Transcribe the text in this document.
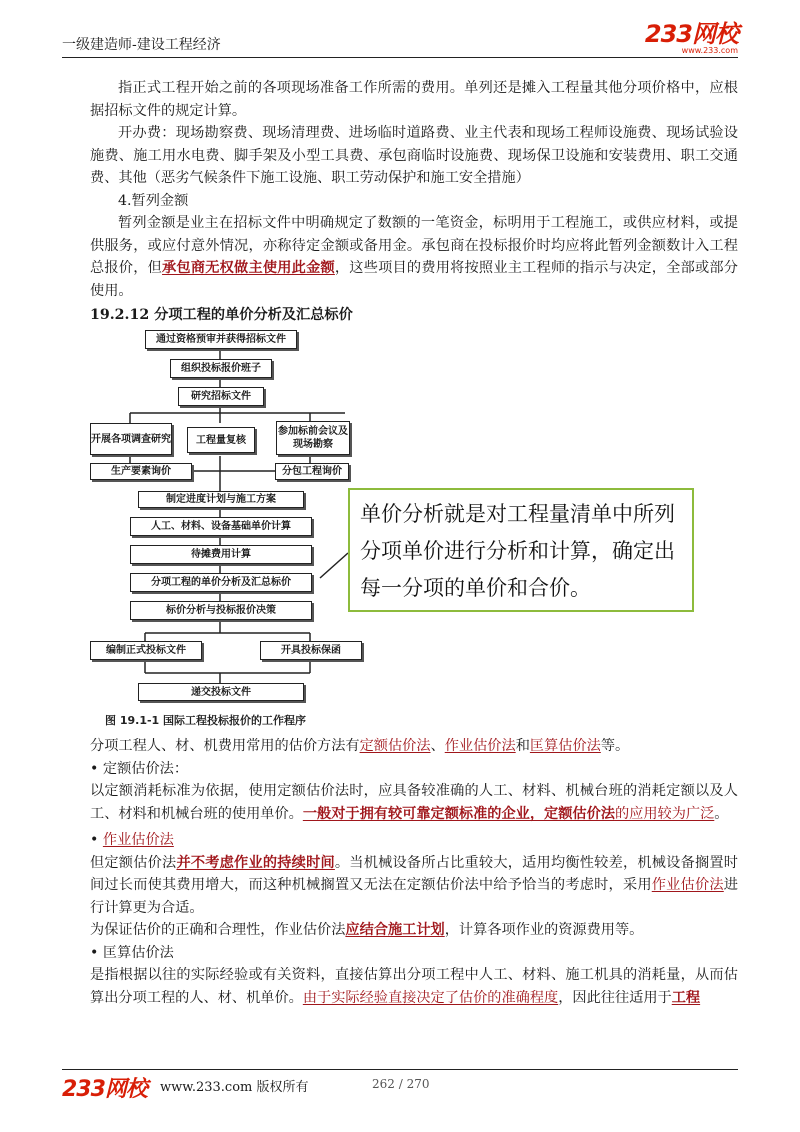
一级建造师-建设工程经济	233网校
www.233.com

指正式工程开始之前的各项现场准备工作所需的费用。单列还是摊入工程量其他分项价格中，应根据招标文件的规定计算。

开办费：现场勘察费、现场清理费、进场临时道路费、业主代表和现场工程师设施费、现场试验设施费、施工用水电费、脚手架及小型工具费、承包商临时设施费、现场保卫设施和安装费用、职工交通费、其他（恶劣气候条件下施工设施、职工劳动保护和施工安全措施）

4.暂列金额

暂列金额是业主在招标文件中明确规定了数额的一笔资金，标明用于工程施工，或供应材料，或提供服务，或应付意外情况，亦称待定金额或备用金。承包商在投标报价时均应将此暂列金额数计入工程总报价，但承包商无权做主使用此金额，这些项目的费用将按照业主工程师的指示与决定，全部或部分使用。

19.2.12 分项工程的单价分析及汇总标价

通过资格预审并获得招标文件
组织投标报价班子
研究招标文件
开展各项调查研究	工程量复核
参加标前会议及现场勘察
生产要素询价	分包工程询价
制定进度计划与施工方案
人工、材料、设备基础单价计算
待摊费用计算
分项工程的单价分析及汇总标价
标价分析与投标报价决策
编制正式投标文件	开具投标保函
递交投标文件
单价分析就是对工程量清单中所列分项单价进行分析和计算，确定出每一分项的单价和合价。
图 19.1-1 国际工程投标报价的工作程序

分项工程人、材、机费用常用的估价方法有定额估价法、作业估价法和匡算估价法等。

• 定额估价法：

以定额消耗标准为依据，使用定额估价法时，应具备较准确的人工、材料、机械台班的消耗定额以及人工、材料和机械台班的使用单价。一般对于拥有较可靠定额标准的企业，定额估价法的应用较为广泛。

• 作业估价法

但定额估价法并不考虑作业的持续时间。当机械设备所占比重较大，适用均衡性较差，机械设备搁置时间过长而使其费用增大，而这种机械搁置又无法在定额估价法中给予恰当的考虑时，采用作业估价法进行计算更为合适。

为保证估价的正确和合理性，作业估价法应结合施工计划，计算各项作业的资源费用等。

• 匡算估价法

是指根据以往的实际经验或有关资料，直接估算出分项工程中人工、材料、施工机具的消耗量，从而估算出分项工程的人、材、机单价。由于实际经验直接决定了估价的准确程度，因此往往适用于工程

233网校 www.233.com 版权所有	262 / 270
